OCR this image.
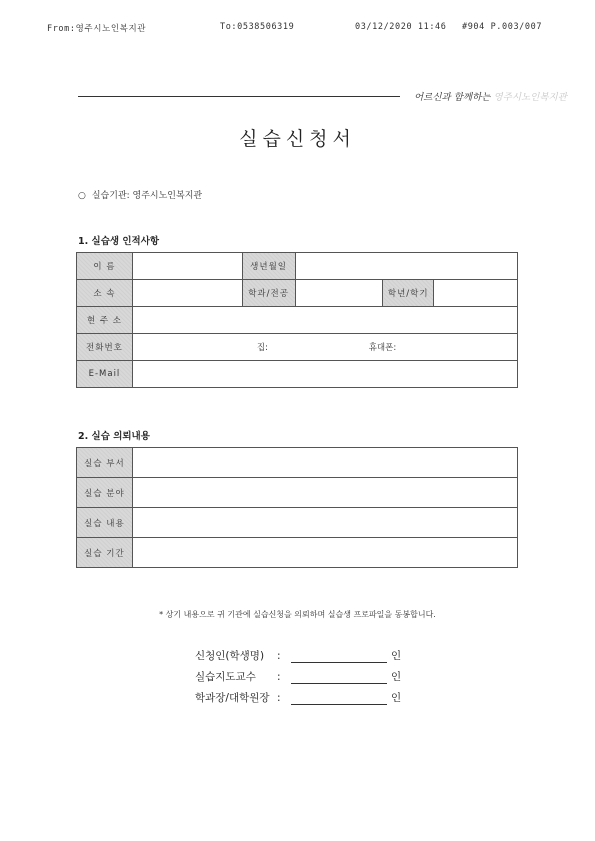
From:영주시노인복지관	To:0538506319	03/12/2020 11:46 #904 P.003/007
어르신과 함께하는 영주시노인복지관
실습신청서
○ 실습기관: 영주시노인복지관
1. 실습생 인적사항
이 름		생년월일			
소 속		학과/전공		학년/학기	
현 주 소					
전화번호	집: 휴대폰:				
E-Mail					
2. 실습 의뢰내용
실습 부서	
실습 분야	
실습 내용	
실습 기간	
* 상기 내용으로 귀 기관에 실습신청을 의뢰하며 실습생 프로파일을 동봉합니다.
신청인(학생명) :	인
실습지도교수 :	인
학과장/대학원장 :	인
